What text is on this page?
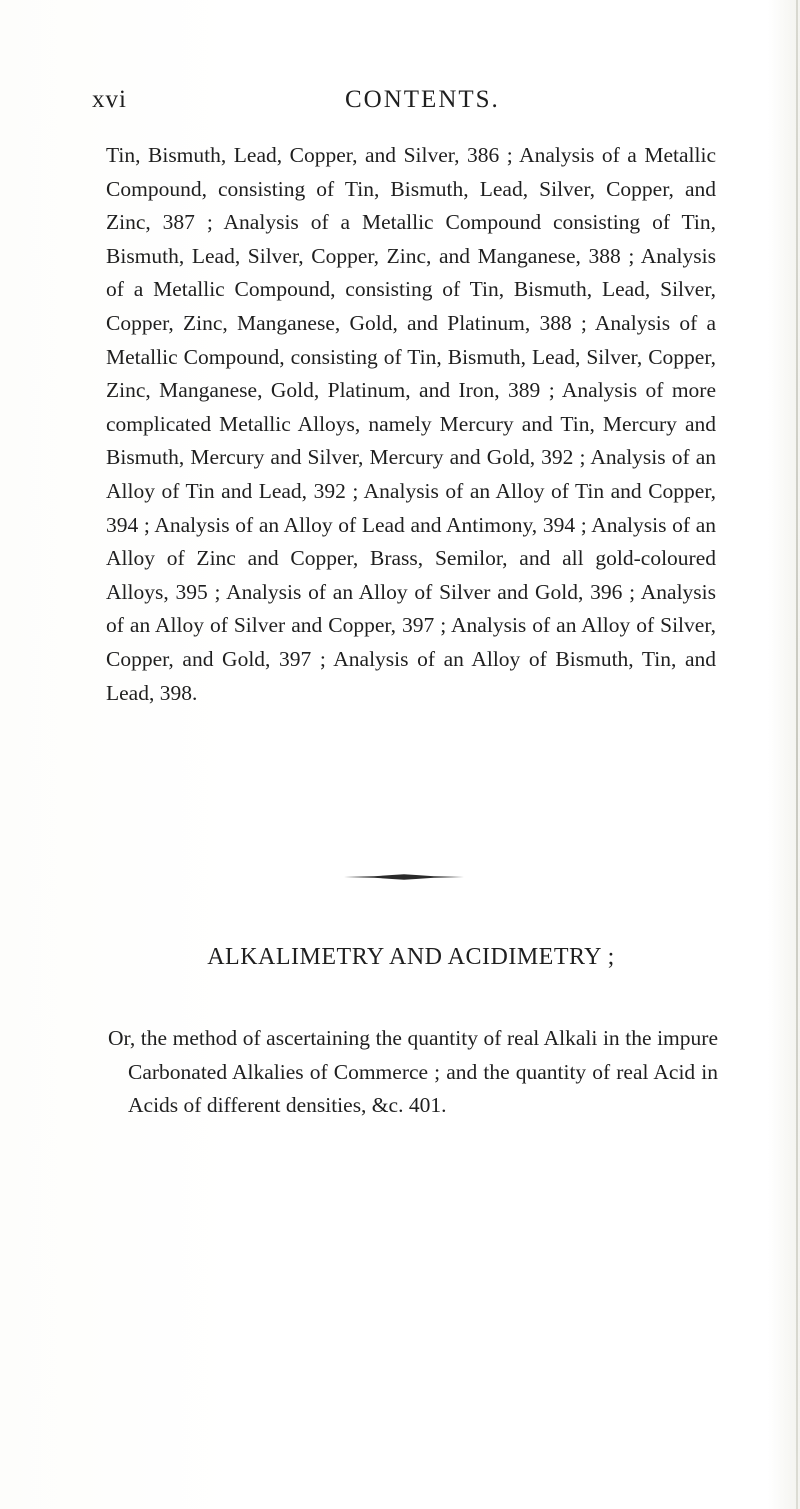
xvi	CONTENTS.

Tin, Bismuth, Lead, Copper, and Silver, 386 ; Analysis of a Metallic Compound, consisting of Tin, Bismuth, Lead, Silver, Copper, and Zinc, 387 ; Analysis of a Metallic Compound consisting of Tin, Bismuth, Lead, Silver, Copper, Zinc, and Manganese, 388 ; Analysis of a Metallic Compound, consisting of Tin, Bismuth, Lead, Silver, Copper, Zinc, Manganese, Gold, and Platinum, 388 ; Analysis of a Metallic Compound, consisting of Tin, Bismuth, Lead, Silver, Copper, Zinc, Manganese, Gold, Platinum, and Iron, 389 ; Analysis of more complicated Metallic Alloys, namely Mercury and Tin, Mercury and Bismuth, Mercury and Silver, Mercury and Gold, 392 ; Analysis of an Alloy of Tin and Lead, 392 ; Analysis of an Alloy of Tin and Copper, 394 ; Analysis of an Alloy of Lead and Antimony, 394 ; Analysis of an Alloy of Zinc and Copper, Brass, Semilor, and all gold-coloured Alloys, 395 ; Analysis of an Alloy of Silver and Gold, 396 ; Analysis of an Alloy of Silver and Copper, 397 ; Analysis of an Alloy of Silver, Copper, and Gold, 397 ; Analysis of an Alloy of Bismuth, Tin, and Lead, 398.

ALKALIMETRY AND ACIDIMETRY ;

Or, the method of ascertaining the quantity of real Alkali in the impure Carbonated Alkalies of Commerce ; and the quantity of real Acid in Acids of different densities, &c. 401.
